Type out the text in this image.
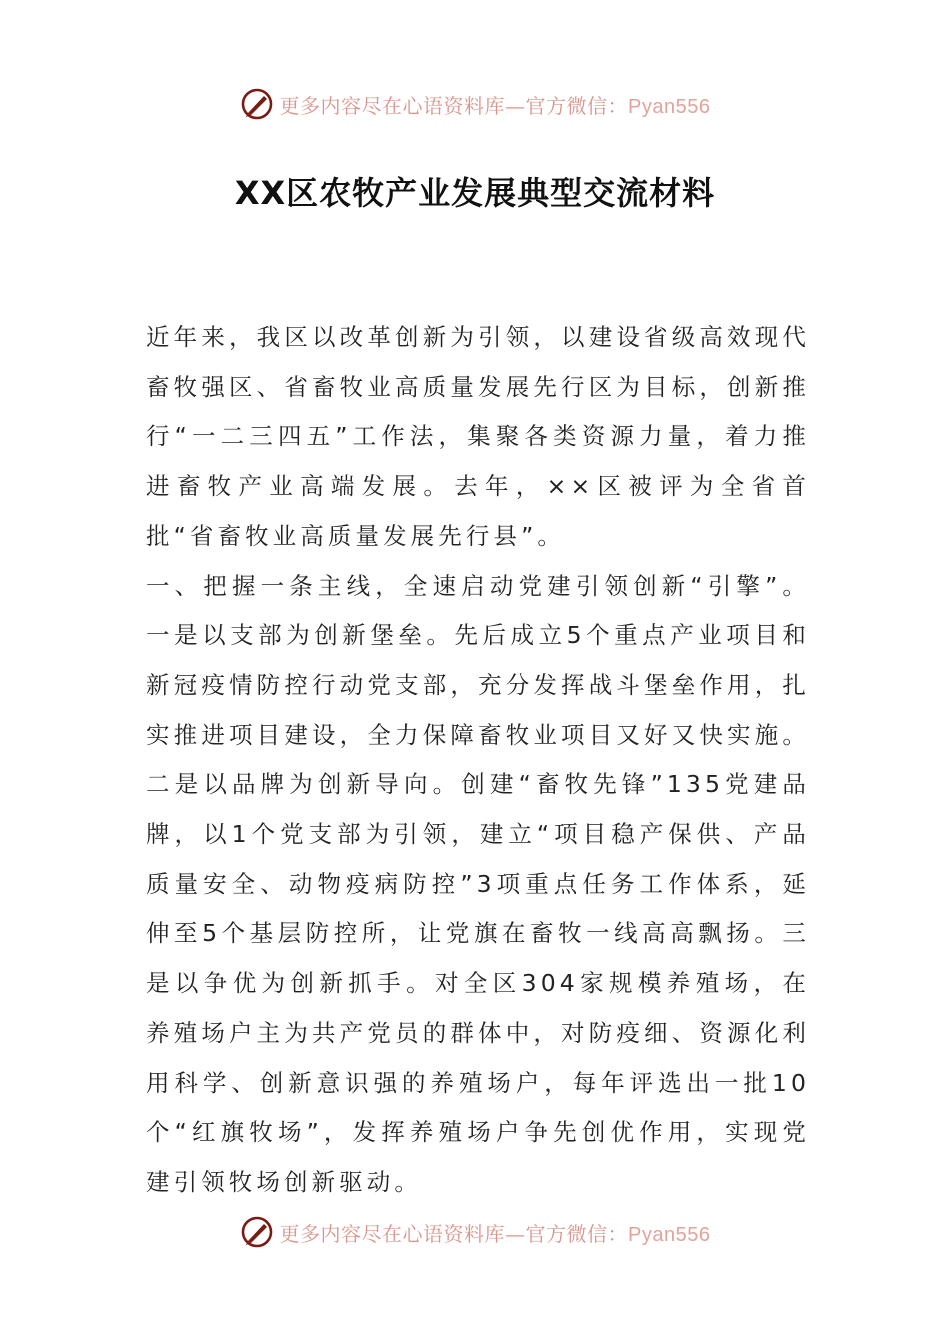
更多内容尽在心语资料库—官方微信：Pyan556
XX区农牧产业发展典型交流材料

近年来，我区以改革创新为引领，以建设省级高效现代畜牧强区、省畜牧业高质量发展先行区为目标，创新推行“一二三四五”工作法，集聚各类资源力量，着力推进畜牧产业高端发展。去年，××区被评为全省首批“省畜牧业高质量发展先行县”。

一、把握一条主线，全速启动党建引领创新“引擎”。一是以支部为创新堡垒。先后成立5个重点产业项目和新冠疫情防控行动党支部，充分发挥战斗堡垒作用，扎实推进项目建设，全力保障畜牧业项目又好又快实施。二是以品牌为创新导向。创建“畜牧先锋”135党建品牌，以1个党支部为引领，建立“项目稳产保供、产品质量安全、动物疫病防控”3项重点任务工作体系，延伸至5个基层防控所，让党旗在畜牧一线高高飘扬。三是以争优为创新抓手。对全区304家规模养殖场，在养殖场户主为共产党员的群体中，对防疫细、资源化利用科学、创新意识强的养殖场户，每年评选出一批10个“红旗牧场”，发挥养殖场户争先创优作用，实现党建引领牧场创新驱动。

更多内容尽在心语资料库—官方微信：Pyan556
